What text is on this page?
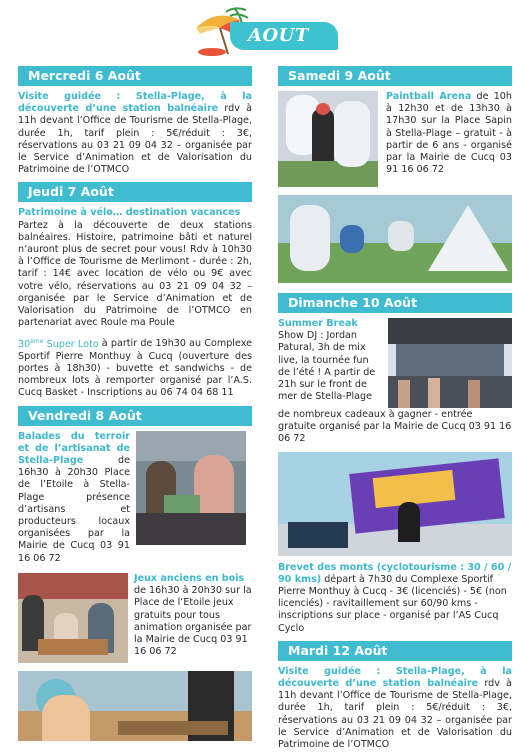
AOUT
Mercredi 6 Août

Visite guidée : Stella-Plage, à la découverte d’une station balnéaire rdv à 11h devant l’Office de Tourisme de Stella-Plage, durée 1h, tarif plein : 5€/réduit : 3€, réservations au 03 21 09 04 32 – organisée par le Service d’Animation et de Valorisation du Patrimoine de l’OTMCO

Jeudi 7 Août

Patrimoine à vélo… destination vacances
Partez à la découverte de deux stations balnéaires. Histoire, patrimoine bâti et naturel n’auront plus de secret pour vous! Rdv à 10h30 à l’Office de Tourisme de Merlimont - durée : 2h, tarif : 14€ avec location de vélo ou 9€ avec votre vélo, réservations au 03 21 09 04 32 – organisée par le Service d’Animation et de Valorisation du Patrimoine de l’OTMCO en partenariat avec Roule ma Poule

30ème Super Loto à partir de 19h30 au Complexe Sportif Pierre Monthuy à Cucq (ouverture des portes à 18h30) - buvette et sandwichs - de nombreux lots à remporter organisé par l’A.S. Cucq Basket - Inscriptions au 06 74 04 68 11

Vendredi 8 Août

Balades du terroir et de l’artisanat de Stella-Plage de 16h30 à 20h30 Place de l’Etoile à Stella-Plage présence d’artisans et producteurs locaux organisées par la Mairie de Cucq 03 91 16 06 72

Jeux anciens en bois de 16h30 à 20h30 sur la Place de l’Etoile jeux gratuits pour tous animation organisée par la Mairie de Cucq 03 91 16 06 72

Samedi 9 Août

Paintball Arena de 10h à 12h30 et de 13h30 à 17h30 sur la Place Sapin à Stella-Plage – gratuit - à partir de 6 ans - organisé par la Mairie de Cucq 03 91 16 06 72

Dimanche 10 Août

Summer Break
Show DJ : Jordan Patural, 3h de mix live, la tournée fun de l’été ! A partir de 21h sur le front de mer de Stella-Plage

de nombreux cadeaux à gagner - entrée gratuite organisé par la Mairie de Cucq 03 91 16 06 72

Brevet des monts (cyclotourisme : 30 / 60 / 90 kms) départ à 7h30 du Complexe Sportif Pierre Monthuy à Cucq - 3€ (licenciés) - 5€ (non licenciés) - ravitaillement sur 60/90 kms - inscriptions sur place - organisé par l’AS Cucq Cyclo

Mardi 12 Août

Visite guidée : Stella-Plage, à la découverte d’une station balnéaire rdv à 11h devant l’Office de Tourisme de Stella-Plage, durée 1h, tarif plein : 5€/réduit : 3€, réservations au 03 21 09 04 32 – organisée par le Service d’Animation et de Valorisation du Patrimoine de l’OTMCO
